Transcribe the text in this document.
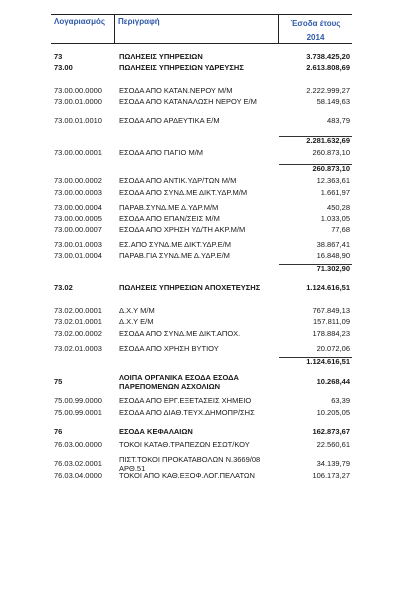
Λογαριασμός	Περιγραφή	Έσοδα έτους
2014
73	ΠΩΛΗΣΕΙΣ ΥΠΗΡΕΣΙΩΝ	3.738.425,20
73.00	ΠΩΛΗΣΕΙΣ ΥΠΗΡΕΣΙΩΝ ΥΔΡΕΥΣΗΣ	2.613.808,69
73.00.00.0000	ΕΣΟΔΑ ΑΠΟ ΚΑΤΑΝ.ΝΕΡΟΥ Μ/Μ	2.222.999,27
73.00.01.0000	ΕΣΟΔΑ ΑΠΟ ΚΑΤΑΝΑΛΩΣΗ ΝΕΡΟΥ Ε/Μ	58.149,63
73.00.01.0010	ΕΣΟΔΑ ΑΠΟ ΑΡΔΕΥΤΙΚΑ Ε/Μ	483,79
2.281.632,69
73.00.00.0001	ΕΣΟΔΑ ΑΠΟ ΠΑΓΙΟ Μ/Μ	260.873,10
260.873,10
73.00.00.0002	ΕΣΟΔΑ ΑΠΟ ΑΝΤΙΚ.ΥΔΡ/ΤΩΝ Μ/Μ	12.363,61
73.00.00.0003	ΕΣΟΔΑ ΑΠΟ ΣΥΝΔ.ΜΕ ΔΙΚΤ.ΥΔΡ.Μ/Μ	1.661,97
73.00.00.0004	ΠΑΡΑΒ.ΣΥΝΔ.ΜΕ Δ.ΥΔΡ.Μ/Μ	450,28
73.00.00.0005	ΕΣΟΔΑ ΑΠΟ ΕΠΑΝ/ΣΕΙΣ Μ/Μ	1.033,05
73.00.00.0007	ΕΣΟΔΑ ΑΠΟ ΧΡΗΣΗ ΥΔ/ΤΗ ΑΚΡ.Μ/Μ	77,68
73.00.01.0003	ΕΣ.ΑΠΟ ΣΥΝΔ.ΜΕ ΔΙΚΤ.ΥΔΡ.Ε/Μ	38.867,41
73.00.01.0004	ΠΑΡΑΒ.ΓΙΑ ΣΥΝΔ.ΜΕ Δ.ΥΔΡ.Ε/Μ	16.848,90
71.302,90
73.02	ΠΩΛΗΣΕΙΣ ΥΠΗΡΕΣΙΩΝ ΑΠΟΧΕΤΕΥΣΗΣ	1.124.616,51
73.02.00.0001	Δ.Χ.Υ Μ/Μ	767.849,13
73.02.01.0001	Δ.Χ.Υ Ε/Μ	157.811,09
73.02.00.0002	ΕΣΟΔΑ ΑΠΟ ΣΥΝΔ.ΜΕ ΔΙΚΤ.ΑΠΟΧ.	178.884,23
73.02.01.0003	ΕΣΟΔΑ ΑΠΟ ΧΡΗΣΗ ΒΥΤΙΟΥ	20.072,06
1.124.616,51
75	ΛΟΙΠΑ ΟΡΓΑΝΙΚΑ ΕΣΟΔΑ ΕΣΟΔΑ ΠΑΡΕΠΟΜΕΝΩΝ ΑΣΧΟΛΙΩΝ	10.268,44
75.00.99.0000	ΕΣΟΔΑ ΑΠΟ ΕΡΓ.ΕΞΕΤΑΣΕΙΣ ΧΗΜΕΙΟ	63,39
75.00.99.0001	ΕΣΟΔΑ ΑΠΟ ΔΙΑΘ.ΤΕΥΧ.ΔΗΜΟΠΡ/ΣΗΣ	10.205,05
76	ΕΣΟΔΑ ΚΕΦΑΛΑΙΩΝ	162.873,67
76.03.00.0000	ΤΟΚΟΙ ΚΑΤΑΘ.ΤΡΑΠΕΖΩΝ ΕΣΩΤ/ΚΟΥ	22.560,61
76.03.02.0001	ΠΙΣΤ.ΤΟΚΟΙ ΠΡΟΚΑΤΑΒΟΛΩΝ Ν.3669/08 ΑΡΘ.51	34.139,79
76.03.04.0000	ΤΟΚΟΙ ΑΠΟ ΚΑΘ.ΕΞΟΦ.ΛΟΓ.ΠΕΛΑΤΩΝ	106.173,27
